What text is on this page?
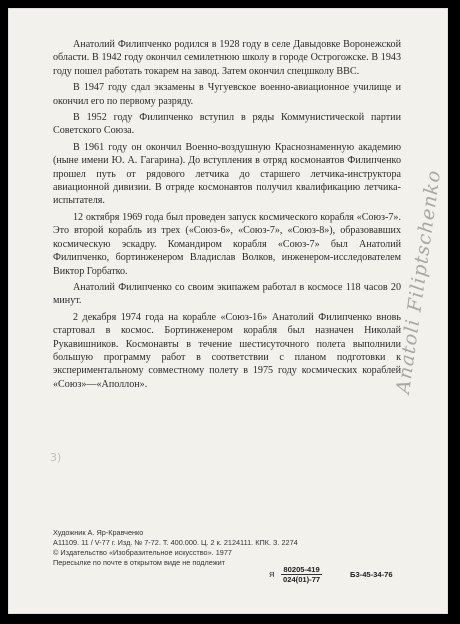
Анатолий Филипченко родился в 1928 году в селе Давыдовке Воронежской области. В 1942 году окончил семилетнюю школу в городе Острогожске. В 1943 году пошел работать токарем на завод. Затем окончил спецшколу ВВС.

В 1947 году сдал экзамены в Чугуевское военно-авиационное училище и окончил его по первому разряду.

В 1952 году Филипченко вступил в ряды Коммунистической партии Советского Союза.

В 1961 году он окончил Военно-воздушную Краснознаменную академию (ныне имени Ю. А. Гагарина). До вступления в отряд космонавтов Филипченко прошел путь от рядового летчика до старшего летчика-инструктора авиационной дивизии. В отряде космонавтов получил квалификацию летчика-испытателя.

12 октября 1969 года был проведен запуск космического корабля «Союз-7». Это второй корабль из трех («Союз-6», «Союз-7», «Союз-8»), образовавших космическую эскадру. Командиром корабля «Союз-7» был Анатолий Филипченко, бортинженером Владислав Волков, инженером-исследователем Виктор Горбатко.

Анатолий Филипченко со своим экипажем работал в космосе 118 часов 20 минут.

2 декабря 1974 года на корабле «Союз-16» Анатолий Филипченко вновь стартовал в космос. Бортинженером корабля был назначен Николай Рукавишников. Космонавты в течение шестисуточного полета выполнили большую программу работ в соответствии с планом подготовки к экспериментальному совместному полету в 1975 году космических кораблей «Союз»—«Аполлон».	Anatoli Filiptschenko
3)
Художник А. Яр-Кравченко
А11109. 11 / V-77 г. Изд. № 7-72. Т. 400.000. Ц. 2 к. 2124111. КПК. З. 2274
© Издательство «Изобразительное искусство». 1977
Пересылке по почте в открытом виде не подлежит
Я $\frac{80205-419}{024(01)-77}$	Б3-45-34-76
